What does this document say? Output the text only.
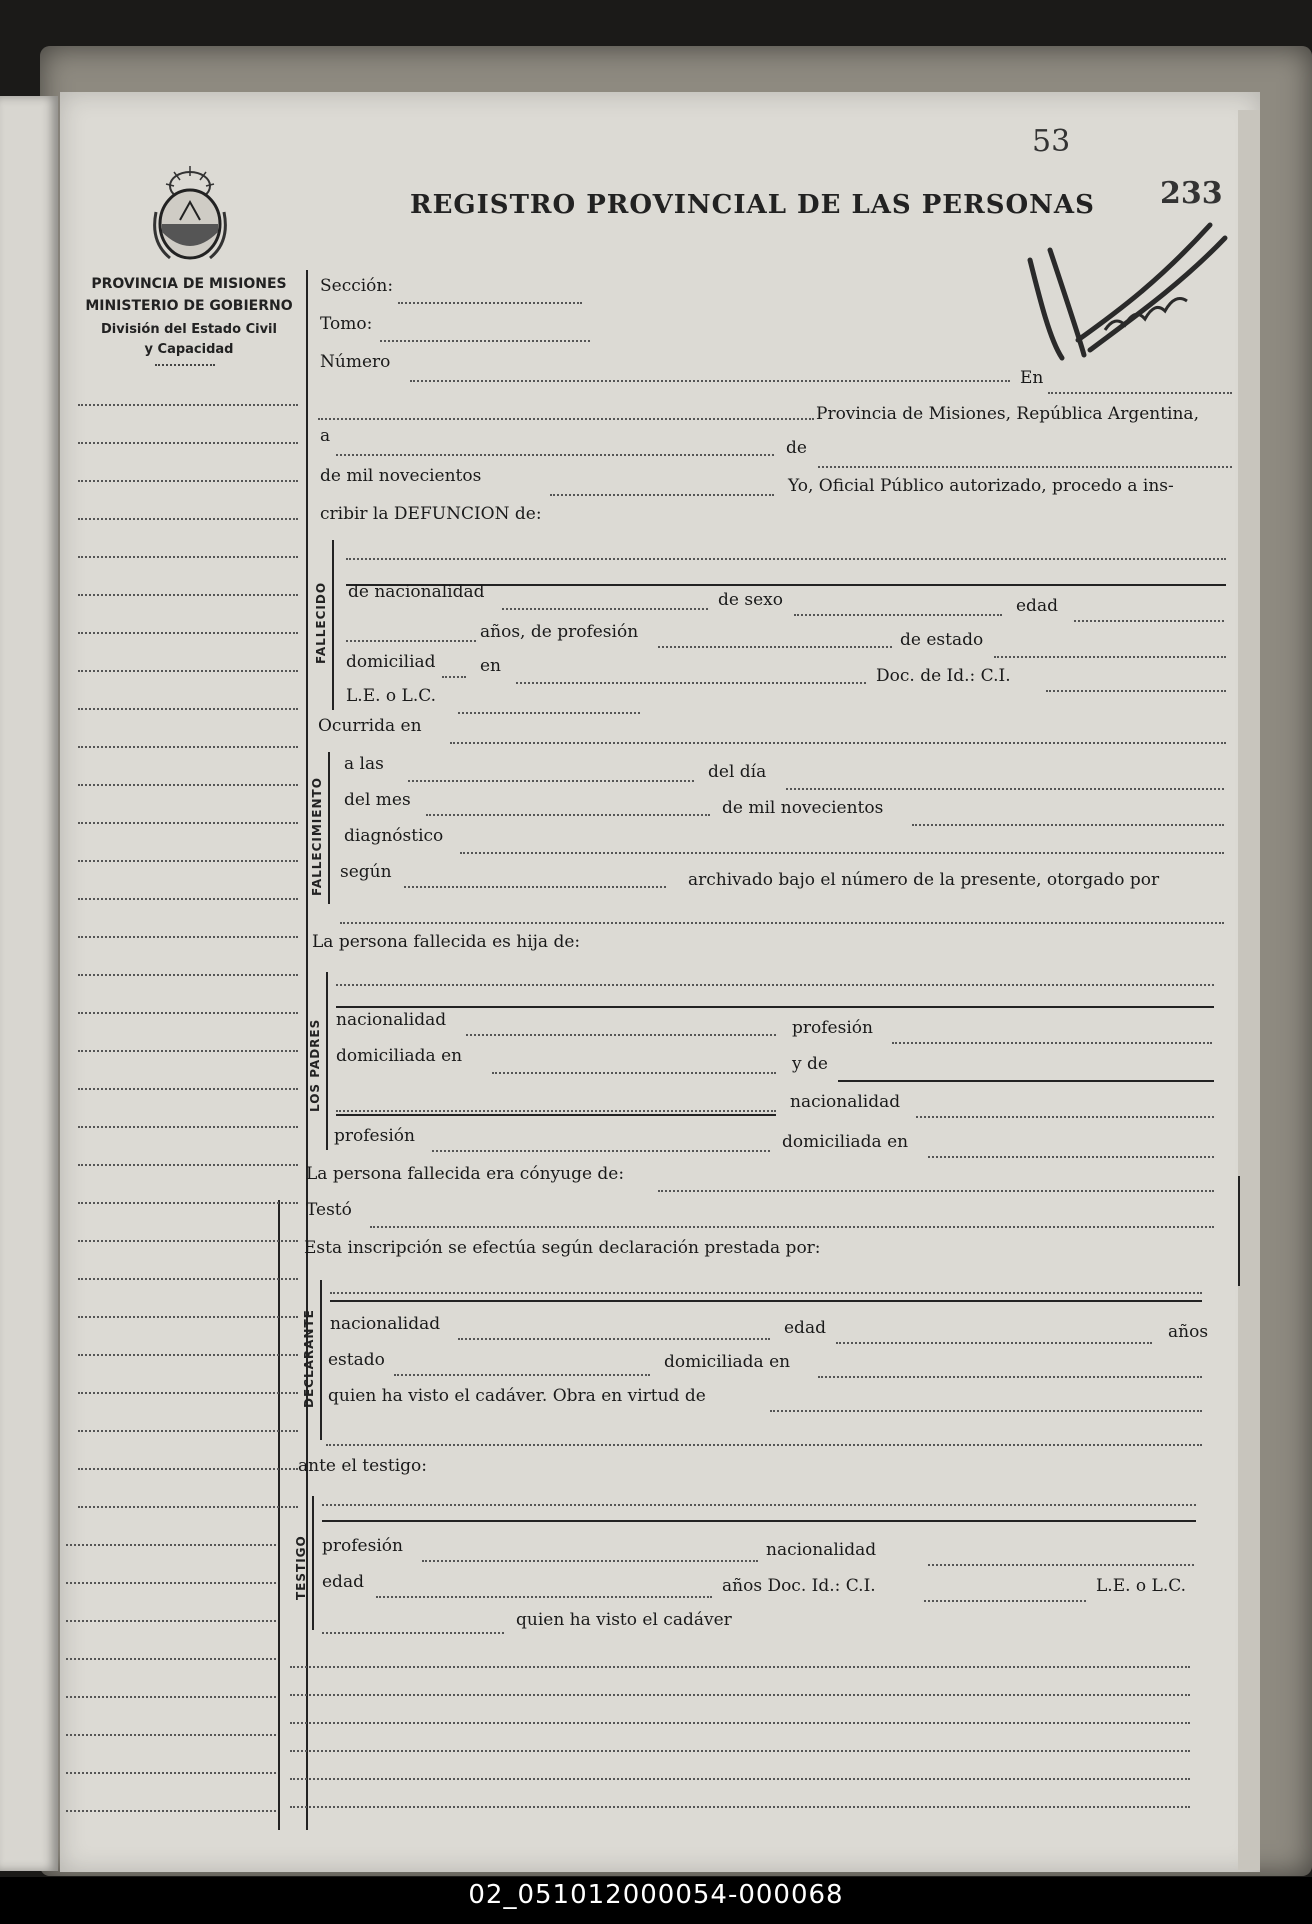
53
233
PROVINCIA DE MISIONES
MINISTERIO DE GOBIERNO
División del Estado Civil
y Capacidad
REGISTRO PROVINCIAL DE LAS PERSONAS
Sección:
Tomo:
Número
En
Provincia de Misiones, República Argentina,
a
de
de mil novecientos	Yo, Oficial Público autorizado, procedo a ins-
cribir la DEFUNCION de:
FALLECIDO de nacionalidad	de sexo	edad
años, de profesión	de estado
domiciliad	en	Doc. de Id.: C.I.
L.E. o L.C.
Ocurrida en
FALLECIMIENTO
a las	del día
del mes	de mil novecientos
diagnóstico
según	archivado bajo el número de la presente, otorgado por
La persona fallecida es hija de:
LOS PADRES nacionalidad	profesión
domiciliada en	y de
nacionalidad
profesión	domiciliada en
La persona fallecida era cónyuge de:
Testó
Esta inscripción se efectúa según declaración prestada por:
DECLARANTE nacionalidad	edad	años
estado	domiciliada en
quien ha visto el cadáver. Obra en virtud de
ante el testigo:
TESTIGO profesión	nacionalidad
edad	años Doc. Id.: C.I.	L.E. o L.C.
quien ha visto el cadáver
02_051012000054-000068
